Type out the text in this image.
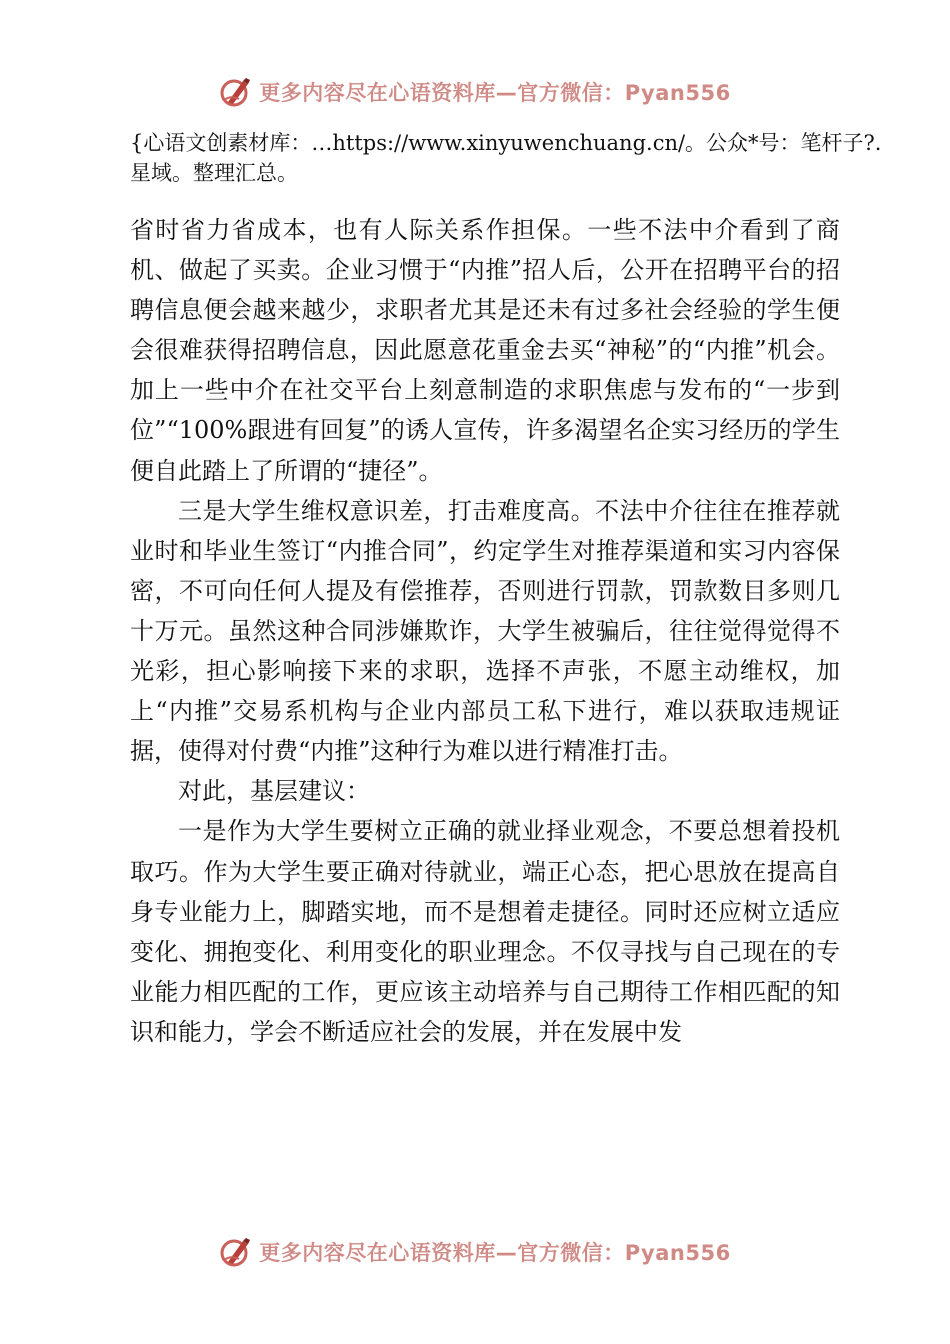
更多内容尽在心语资料库—官方微信：Pyan556
{心语文创素材库：…https://www.xinyuwenchuang.cn/。公众*号：笔杆子?.星域。整理汇总。

省时省力省成本，也有人际关系作担保。一些不法中介看到了商机、做起了买卖。企业习惯于“内推”招人后，公开在招聘平台的招聘信息便会越来越少，求职者尤其是还未有过多社会经验的学生便会很难获得招聘信息，因此愿意花重金去买“神秘”的“内推”机会。加上一些中介在社交平台上刻意制造的求职焦虑与发布的“一步到位”“100%跟进有回复”的诱人宣传，许多渴望名企实习经历的学生便自此踏上了所谓的“捷径”。

三是大学生维权意识差，打击难度高。不法中介往往在推荐就业时和毕业生签订“内推合同”，约定学生对推荐渠道和实习内容保密，不可向任何人提及有偿推荐，否则进行罚款，罚款数目多则几十万元。虽然这种合同涉嫌欺诈，大学生被骗后，往往觉得觉得不光彩，担心影响接下来的求职，选择不声张，不愿主动维权，加上“内推”交易系机构与企业内部员工私下进行，难以获取违规证据，使得对付费“内推”这种行为难以进行精准打击。

对此，基层建议：

一是作为大学生要树立正确的就业择业观念，不要总想着投机取巧。作为大学生要正确对待就业，端正心态，把心思放在提高自身专业能力上，脚踏实地，而不是想着走捷径。同时还应树立适应变化、拥抱变化、利用变化的职业理念。不仅寻找与自己现在的专业能力相匹配的工作，更应该主动培养与自己期待工作相匹配的知识和能力，学会不断适应社会的发展，并在发展中发

更多内容尽在心语资料库—官方微信：Pyan556
